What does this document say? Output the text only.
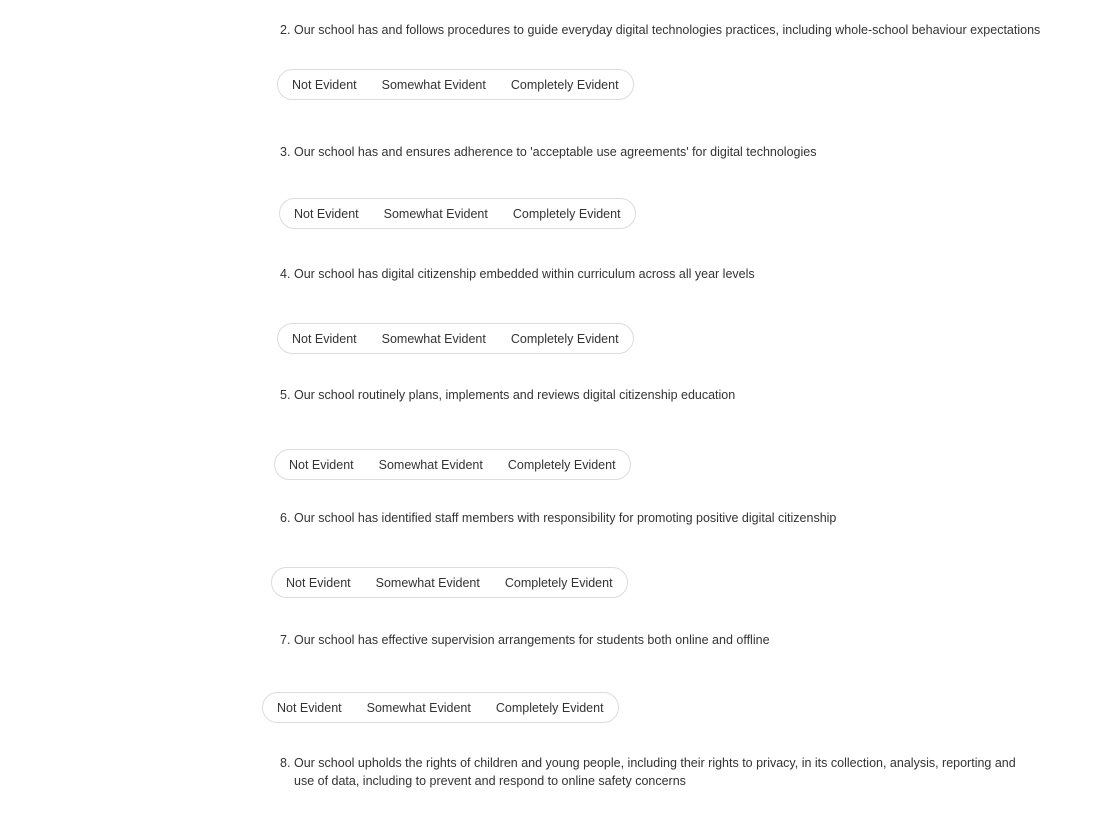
2. Our school has and follows procedures to guide everyday digital technologies practices, including whole-school behaviour expectations
Not Evident Somewhat Evident Completely Evident
3. Our school has and ensures adherence to 'acceptable use agreements' for digital technologies
Not Evident Somewhat Evident Completely Evident
4. Our school has digital citizenship embedded within curriculum across all year levels
Not Evident Somewhat Evident Completely Evident
5. Our school routinely plans, implements and reviews digital citizenship education
Not Evident Somewhat Evident Completely Evident
6. Our school has identified staff members with responsibility for promoting positive digital citizenship
Not Evident Somewhat Evident Completely Evident
7. Our school has effective supervision arrangements for students both online and offline
Not Evident Somewhat Evident Completely Evident
8. Our school upholds the rights of children and young people, including their rights to privacy, in its collection, analysis, reporting and use of data, including to prevent and respond to online safety concerns
